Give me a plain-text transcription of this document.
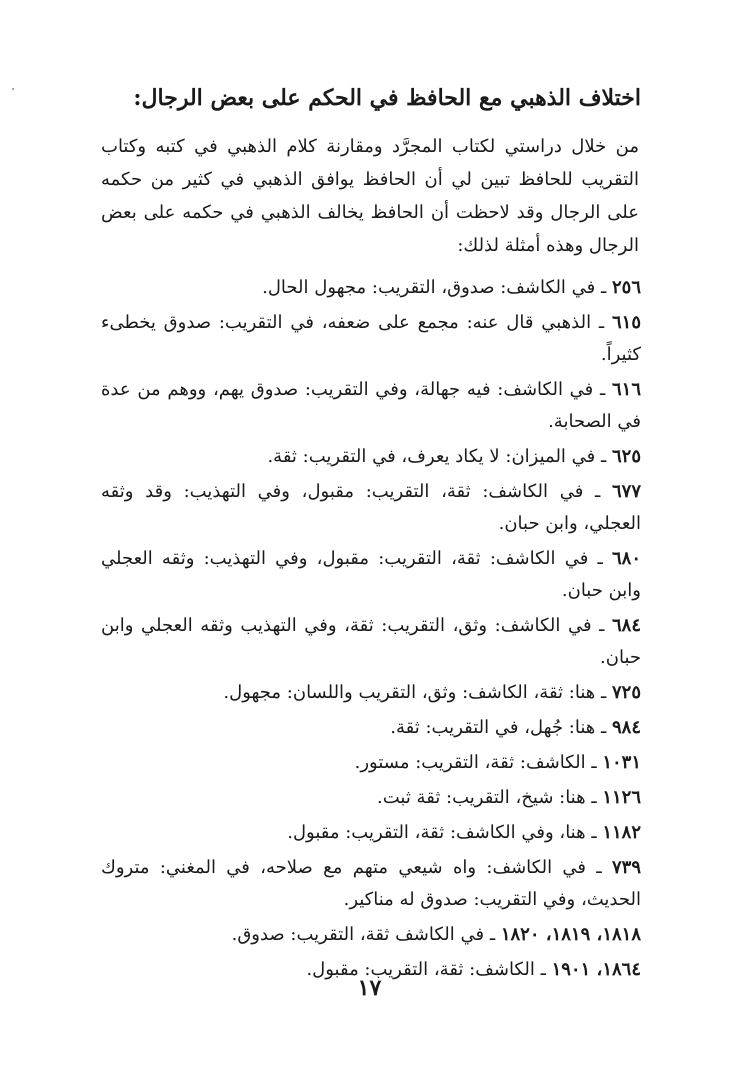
اختلاف الذهبي مع الحافظ في الحكم على بعض الرجال:
من خلال دراستي لكتاب المجرَّد ومقارنة كلام الذهبي في كتبه وكتاب التقريب للحافظ تبين لي أن الحافظ يوافق الذهبي في كثير من حكمه على الرجال وقد لاحظت أن الحافظ يخالف الذهبي في حكمه على بعض الرجال وهذه أمثلة لذلك:
٢٥٦ ـ في الكاشف: صدوق، التقريب: مجهول الحال.
٦١٥ ـ الذهبي قال عنه: مجمع على ضعفه، في التقريب: صدوق يخطىء كثيراً.
٦١٦ ـ في الكاشف: فيه جهالة، وفي التقريب: صدوق يهم، ووهم من عدة في الصحابة.
٦٢٥ ـ في الميزان: لا يكاد يعرف، في التقريب: ثقة.
٦٧٧ ـ في الكاشف: ثقة، التقريب: مقبول، وفي التهذيب: وقد وثقه العجلي، وابن حبان.
٦٨٠ ـ في الكاشف: ثقة، التقريب: مقبول، وفي التهذيب: وثقه العجلي وابن حبان.
٦٨٤ ـ في الكاشف: وثق، التقريب: ثقة، وفي التهذيب وثقه العجلي وابن حبان.
٧٢٥ ـ هنا: ثقة، الكاشف: وثق، التقريب واللسان: مجهول.
٩٨٤ ـ هنا: جُهل، في التقريب: ثقة.
١٠٣١ ـ الكاشف: ثقة، التقريب: مستور.
١١٢٦ ـ هنا: شيخ، التقريب: ثقة ثبت.
١١٨٢ ـ هنا، وفي الكاشف: ثقة، التقريب: مقبول.
٧٣٩ ـ في الكاشف: واه شيعي متهم مع صلاحه، في المغني: متروك الحديث، وفي التقريب: صدوق له مناكير.
١٨١٨، ١٨١٩، ١٨٢٠ ـ في الكاشف ثقة، التقريب: صدوق.
١٨٦٤، ١٩٠١ ـ الكاشف: ثقة، التقريب: مقبول.
١٧
